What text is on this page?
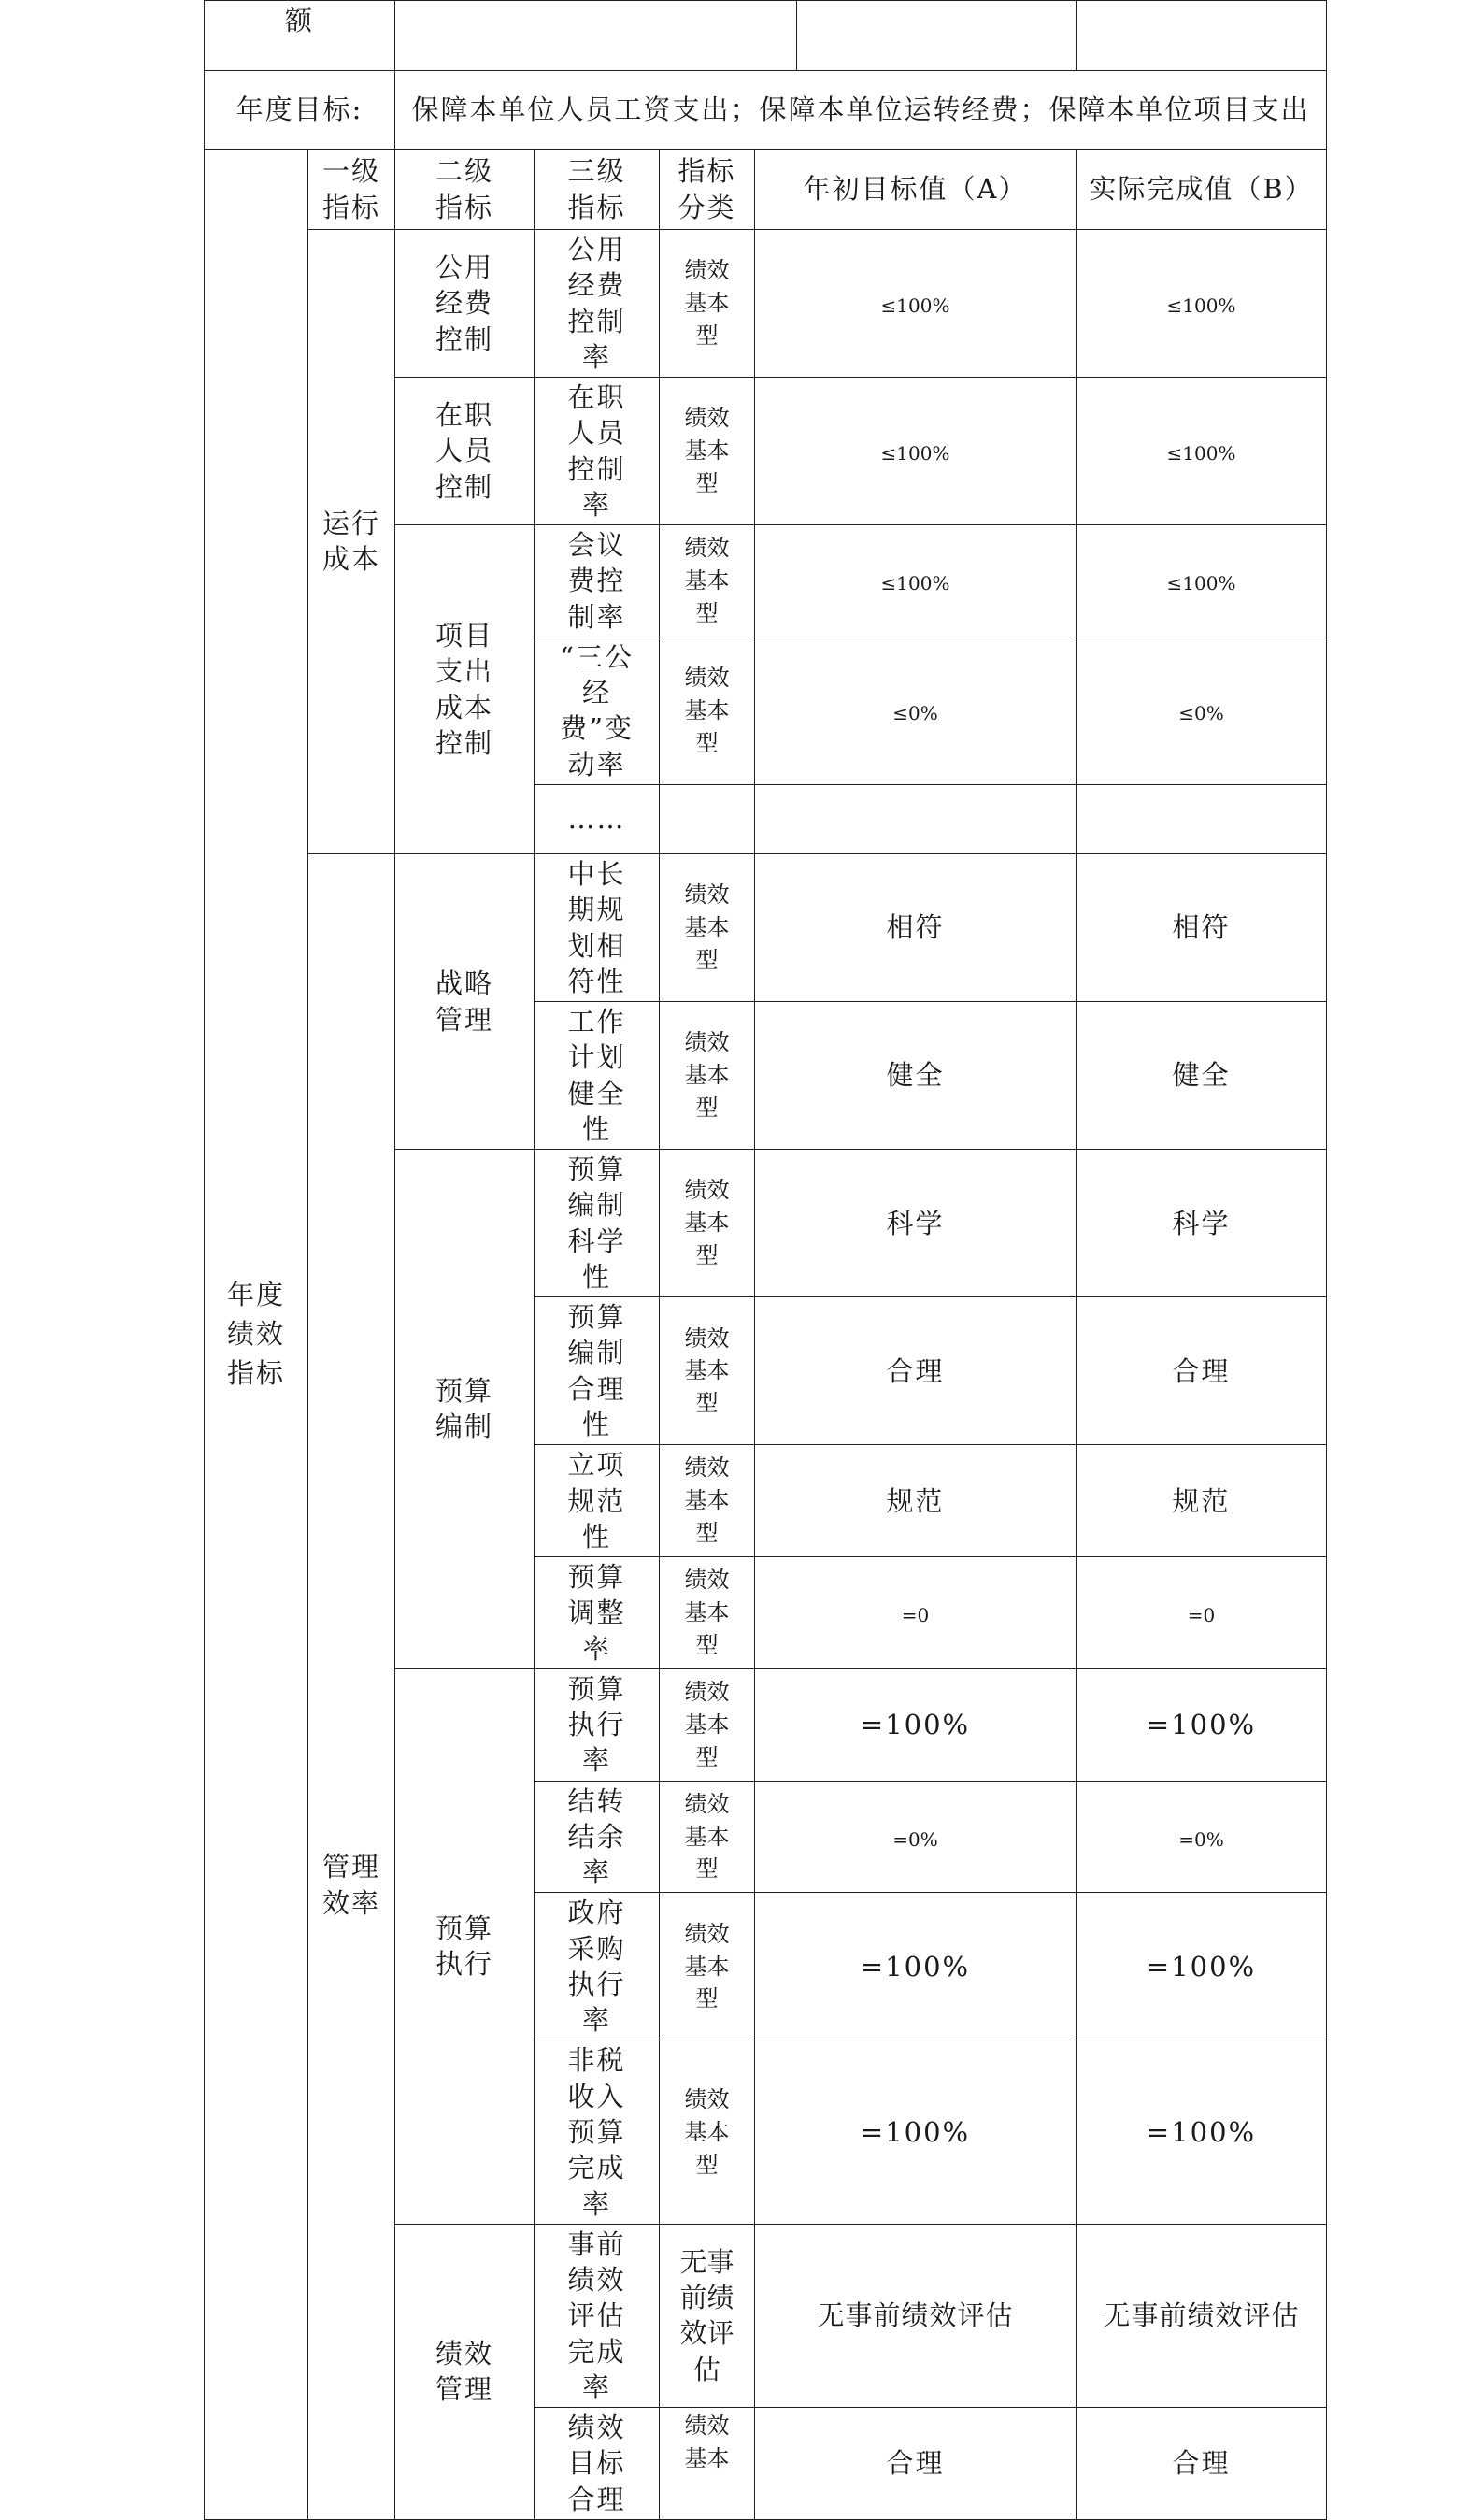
额							
年度目标:		保障本单位人员工资支出；保障本单位运转经费；保障本单位项目支出					

年度绩效指标	一级指标	二级指标	三级指标	指标分类	年初目标值（A）		实际完成值（B）

	运行成本	公用经费控制	公用经费控制率	绩效基本型	≤100%		≤100%

		在职人员控制	在职人员控制率	绩效基本型	≤100%		≤100%

		项目支出成本控制	会议费控制率	绩效基本型	≤100%		≤100%

			“三公经费”变动率	绩效基本型	≤0%		≤0%

			……				

	管理效率	战略管理	中长期规划相符性	绩效基本型	相符		相符

			工作计划健全性	绩效基本型	健全		健全

		预算编制	预算编制科学性	绩效基本型	科学		科学

			预算编制合理性	绩效基本型	合理		合理

			立项规范性	绩效基本型	规范		规范

			预算调整率	绩效基本型	=0		=0

		预算执行	预算执行率	绩效基本型	=100%		=100%

			结转结余率	绩效基本型	=0%		=0%

			政府采购执行率	绩效基本型	=100%		=100%

			非税收入预算完成率	绩效基本型	=100%		=100%

		绩效管理	事前绩效评估完成率	无事前绩效评估	无事前绩效评估		无事前绩效评估

			绩效目标合理	绩效基本	合理		合理
